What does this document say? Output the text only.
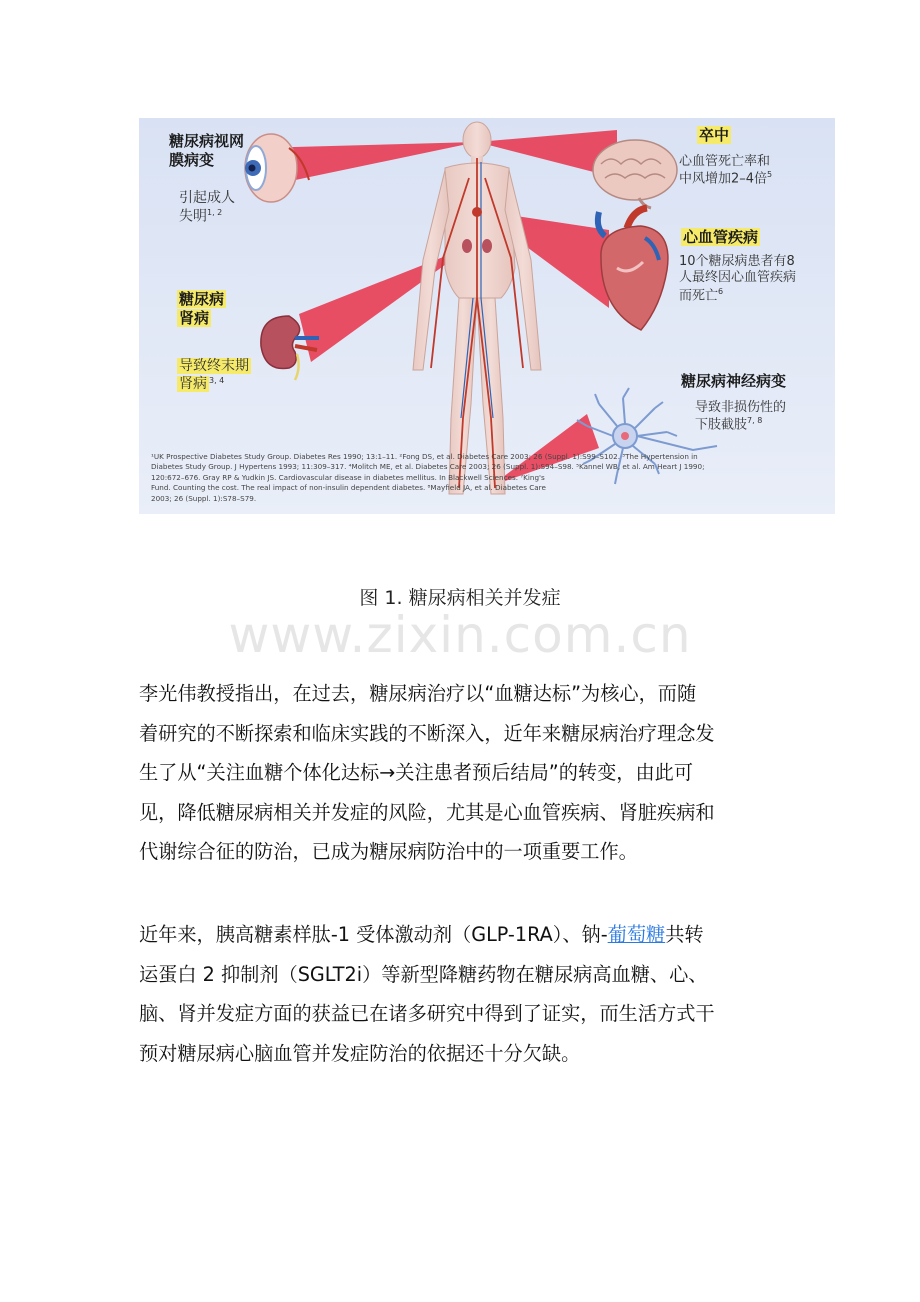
糖尿病视网
膜病变
引起成人
失明$^{1, 2}$
卒中
心血管死亡率和
中风增加2–4倍$^5$
心血管疾病
10个糖尿病患者有8
人最终因心血管疾病
而死亡$^6$
糖尿病
肾病
导致终末期
肾病 $^{3, 4}$	糖尿病神经病变
导致非损伤性的
下肢截肢$^{7, 8}$
¹UK Prospective Diabetes Study Group. Diabetes Res 1990; 13:1–11. ²Fong DS, et al. Diabetes Care 2003; 26 (Suppl. 1):S99–S102. ³The Hypertension in
Diabetes Study Group. J Hypertens 1993; 11:309–317. ⁴Molitch ME, et al. Diabetes Care 2003; 26 (Suppl. 1):S94–S98. ⁵Kannel WB, et al. Am Heart J 1990;
120:672–676. Gray RP & Yudkin JS. Cardiovascular disease in diabetes mellitus. In Blackwell Sciences. ⁷King's
Fund. Counting the cost. The real impact of non-insulin dependent diabetes. ⁸Mayfield JA, et al. Diabetes Care
2003; 26 (Suppl. 1):S78–S79.
图 1. 糖尿病相关并发症
www.zixin.com.cn
李光伟教授指出，在过去，糖尿病治疗以“血糖达标”为核心，而随
着研究的不断探索和临床实践的不断深入，近年来糖尿病治疗理念发
生了从“关注血糖个体化达标→关注患者预后结局”的转变，由此可
见，降低糖尿病相关并发症的风险，尤其是心血管疾病、肾脏疾病和
代谢综合征的防治，已成为糖尿病防治中的一项重要工作。
近年来，胰高糖素样肽-1 受体激动剂（GLP-1RA）、钠-葡萄糖共转
运蛋白 2 抑制剂（SGLT2i）等新型降糖药物在糖尿病高血糖、心、
脑、肾并发症方面的获益已在诸多研究中得到了证实，而生活方式干
预对糖尿病心脑血管并发症防治的依据还十分欠缺。
